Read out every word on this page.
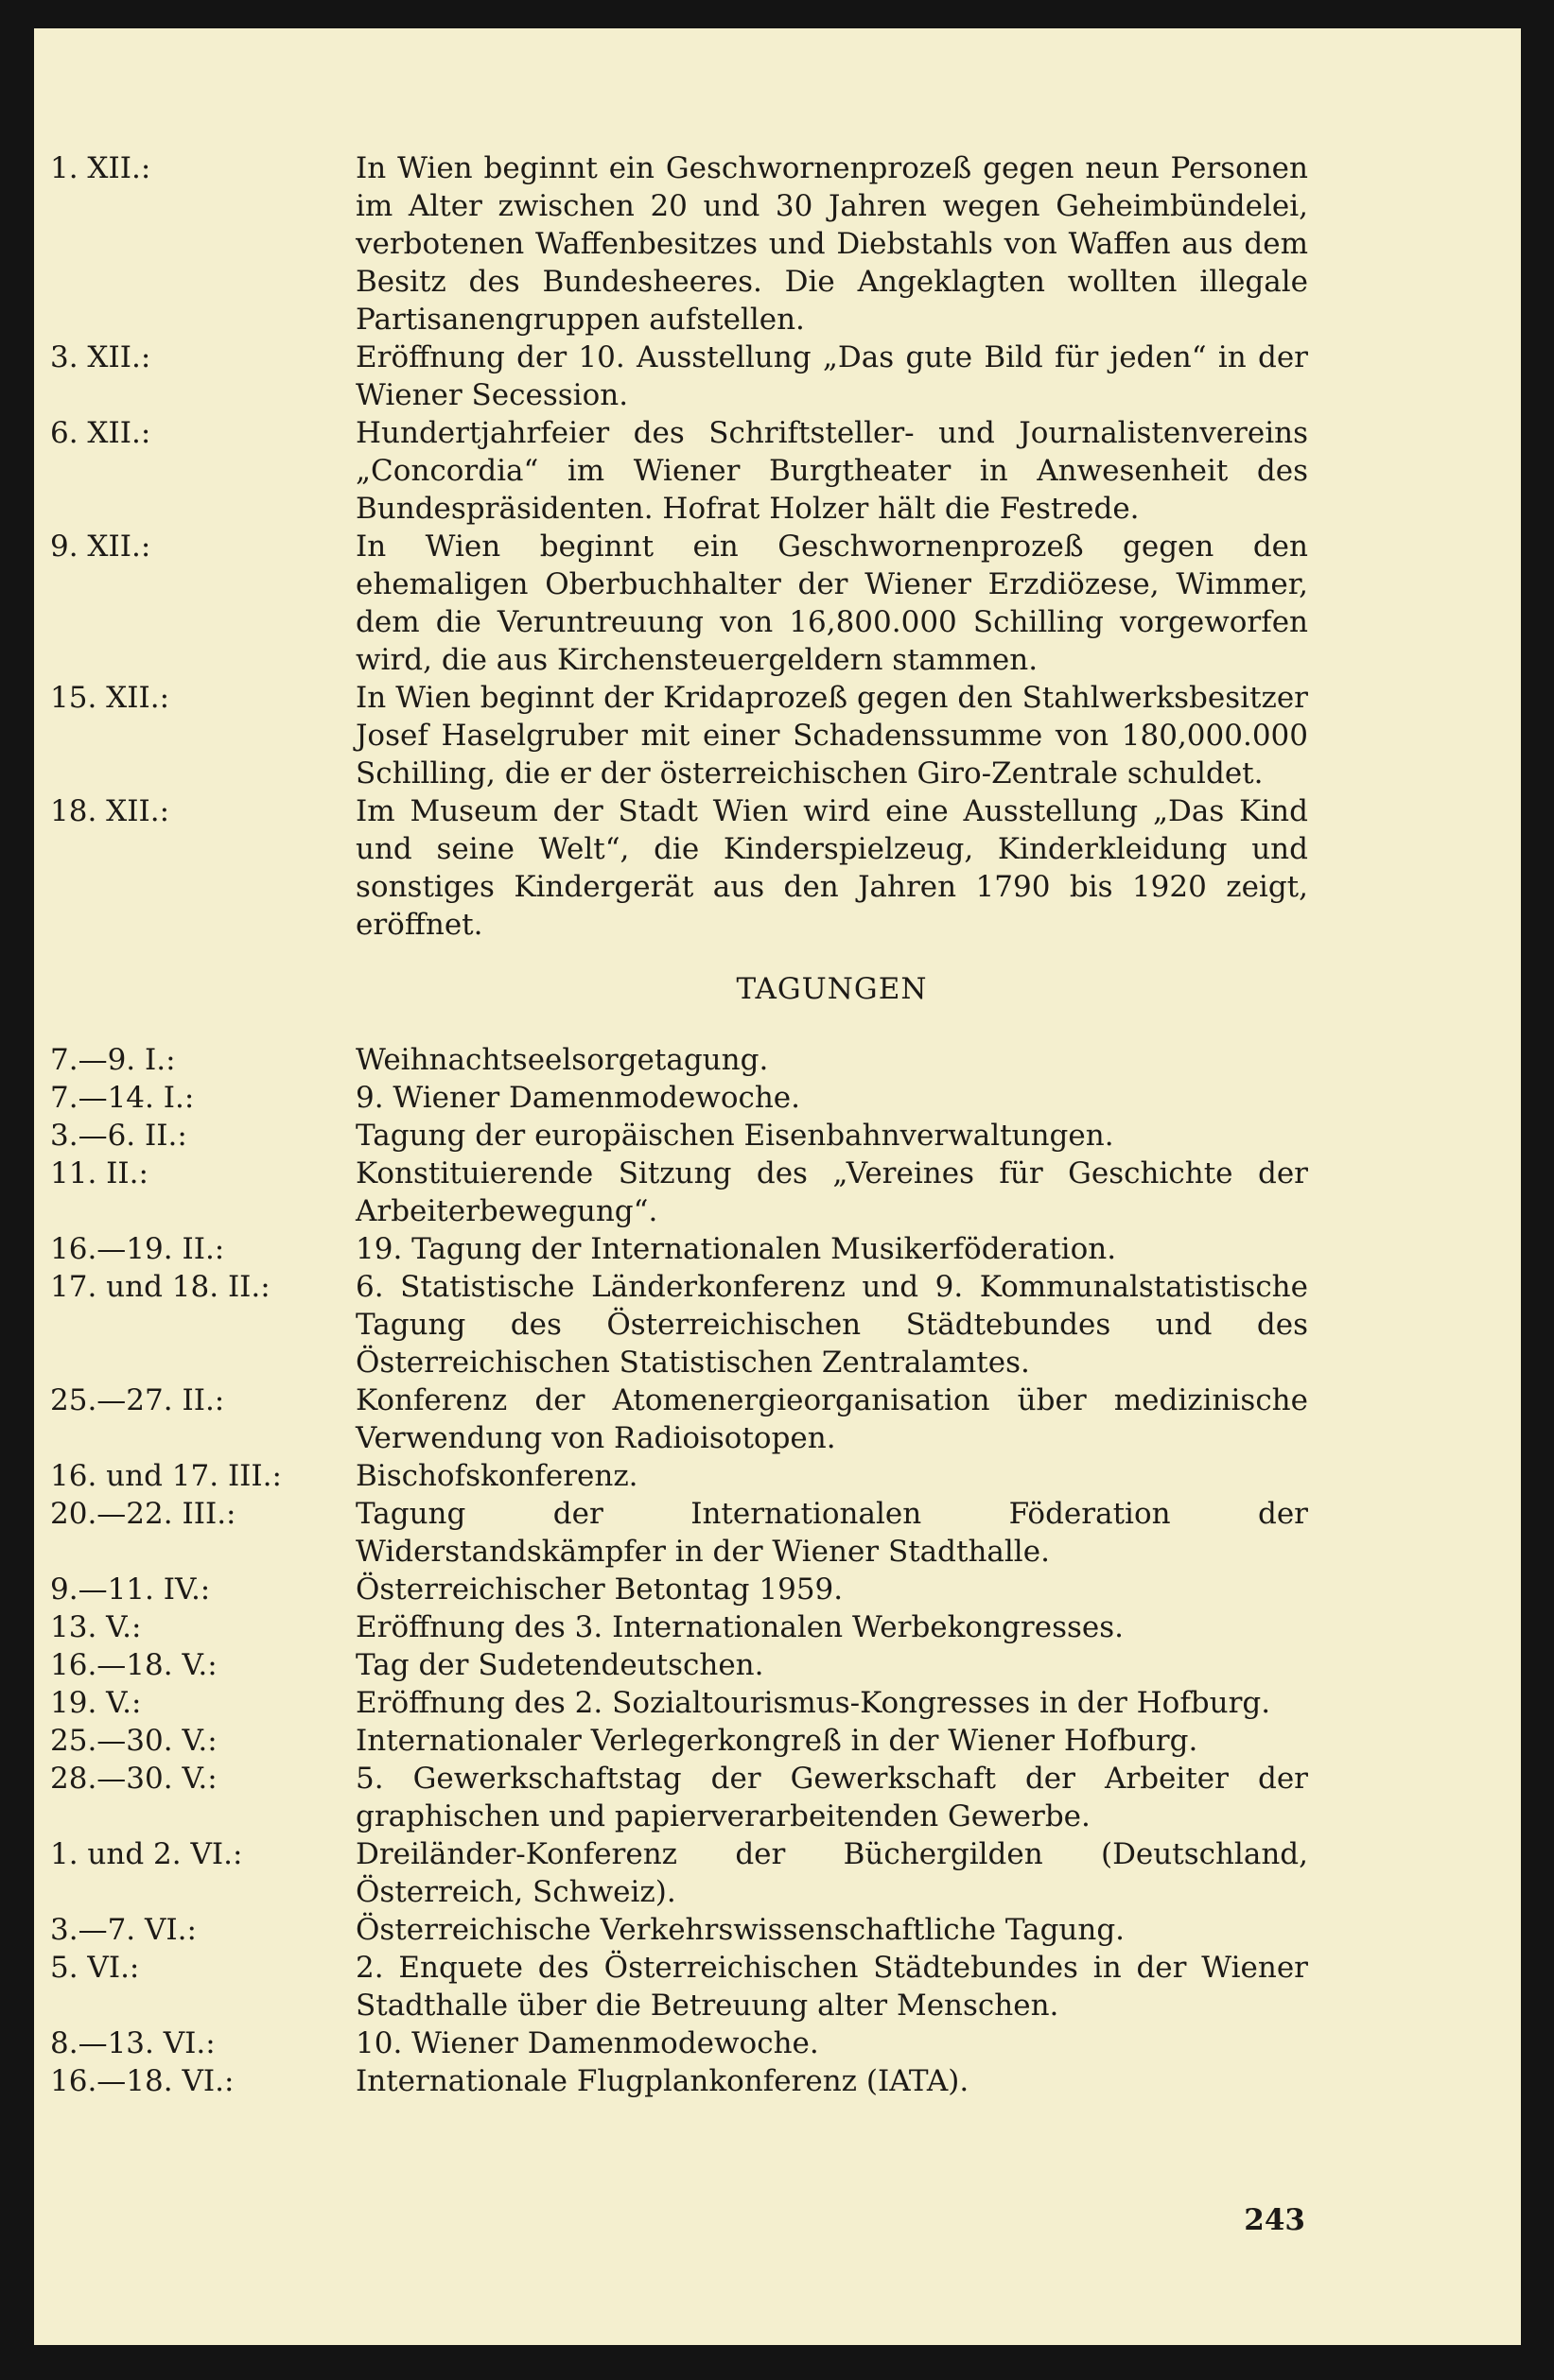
1. XII.:	In Wien beginnt ein Geschwornenprozeß gegen neun Personen im Alter zwischen 20 und 30 Jahren wegen Geheimbündelei, verbotenen Waffenbesitzes und Diebstahls von Waffen aus dem Besitz des Bundesheeres. Die Angeklagten wollten illegale Partisanengruppen aufstellen.
3. XII.:	Eröffnung der 10. Ausstellung „Das gute Bild für jeden“ in der Wiener Secession.
6. XII.:	Hundertjahrfeier des Schriftsteller- und Journalistenvereins „Concordia“ im Wiener Burgtheater in Anwesenheit des Bundespräsidenten. Hofrat Holzer hält die Festrede.
9. XII.:	In Wien beginnt ein Geschwornenprozeß gegen den ehemaligen Oberbuchhalter der Wiener Erzdiözese, Wimmer, dem die Veruntreuung von 16,800.000 Schilling vorgeworfen wird, die aus Kirchensteuergeldern stammen.
15. XII.:	In Wien beginnt der Kridaprozeß gegen den Stahlwerksbesitzer Josef Haselgruber mit einer Schadenssumme von 180,000.000 Schilling, die er der österreichischen Giro-Zentrale schuldet.
18. XII.:	Im Museum der Stadt Wien wird eine Ausstellung „Das Kind und seine Welt“, die Kinderspielzeug, Kinderkleidung und sonstiges Kindergerät aus den Jahren 1790 bis 1920 zeigt, eröffnet.
TAGUNGEN
7.—9. I.:	Weihnachtseelsorgetagung.
7.—14. I.:	9. Wiener Damenmodewoche.
3.—6. II.:	Tagung der europäischen Eisenbahnverwaltungen.
11. II.:	Konstituierende Sitzung des „Vereines für Geschichte der Arbeiterbewegung“.
16.—19. II.:	19. Tagung der Internationalen Musikerföderation.
17. und 18. II.:	6. Statistische Länderkonferenz und 9. Kommunalstatistische Tagung des Österreichischen Städtebundes und des Österreichischen Statistischen Zentralamtes.
25.—27. II.:	Konferenz der Atomenergieorganisation über medizinische Verwendung von Radioisotopen.
16. und 17. III.:	Bischofskonferenz.
20.—22. III.:	Tagung der Internationalen Föderation der Widerstandskämpfer in der Wiener Stadthalle.
9.—11. IV.:	Österreichischer Betontag 1959.
13. V.:	Eröffnung des 3. Internationalen Werbekongresses.
16.—18. V.:	Tag der Sudetendeutschen.
19. V.:	Eröffnung des 2. Sozialtourismus-Kongresses in der Hofburg.
25.—30. V.:	Internationaler Verlegerkongreß in der Wiener Hofburg.
28.—30. V.:	5. Gewerkschaftstag der Gewerkschaft der Arbeiter der graphischen und papierverarbeitenden Gewerbe.
1. und 2. VI.:	Dreiländer-Konferenz der Büchergilden (Deutschland, Österreich, Schweiz).
3.—7. VI.:	Österreichische Verkehrswissenschaftliche Tagung.
5. VI.:	2. Enquete des Österreichischen Städtebundes in der Wiener Stadthalle über die Betreuung alter Menschen.
8.—13. VI.:	10. Wiener Damenmodewoche.
16.—18. VI.:	Internationale Flugplankonferenz (IATA).
243
